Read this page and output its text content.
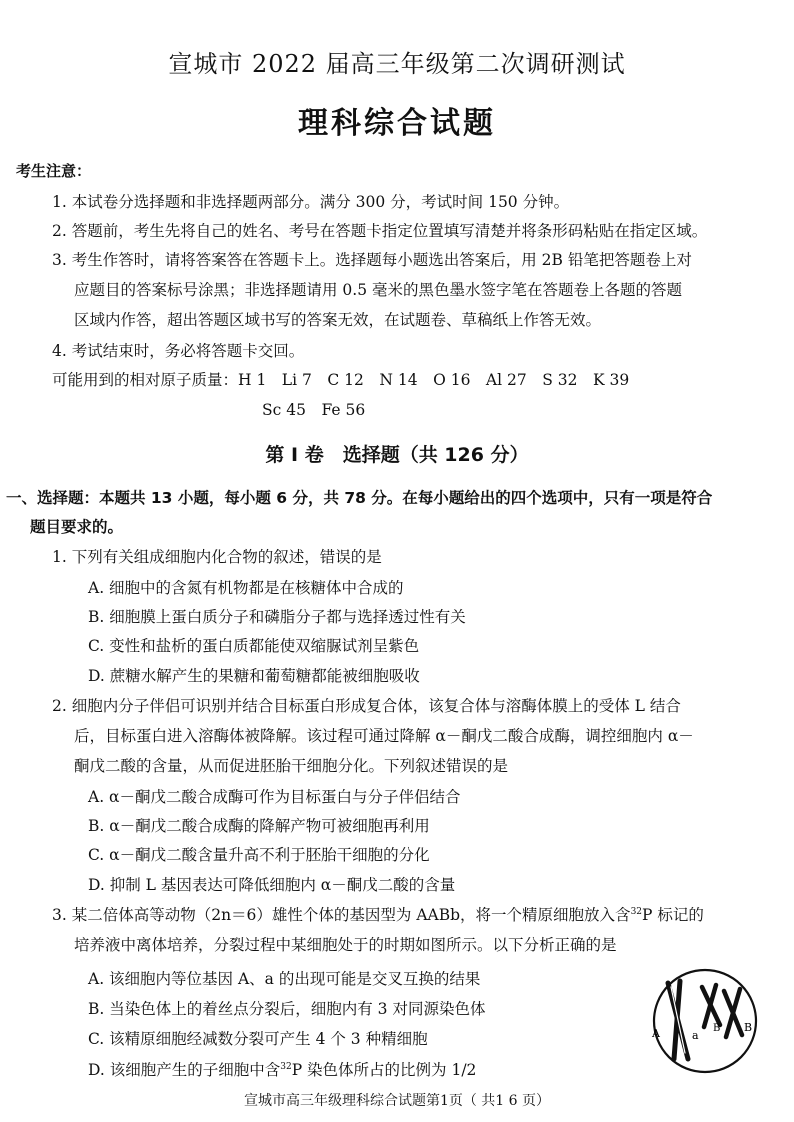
宣城市 2022 届高三年级第二次调研测试
理科综合试题
考生注意：
1. 本试卷分选择题和非选择题两部分。满分 300 分，考试时间 150 分钟。
2. 答题前，考生先将自己的姓名、考号在答题卡指定位置填写清楚并将条形码粘贴在指定区域。
3. 考生作答时，请将答案答在答题卡上。选择题每小题选出答案后，用 2B 铅笔把答题卷上对
应题目的答案标号涂黑；非选择题请用 0.5 毫米的黑色墨水签字笔在答题卷上各题的答题
区域内作答，超出答题区域书写的答案无效，在试题卷、草稿纸上作答无效。
4. 考试结束时，务必将答题卡交回。
可能用到的相对原子质量：H 1　Li 7　C 12　N 14　O 16　Al 27　S 32　K 39
Sc 45　Fe 56
第 Ⅰ 卷　选择题（共 126 分）
一、选择题：本题共 13 小题，每小题 6 分，共 78 分。在每小题给出的四个选项中，只有一项是符合
题目要求的。
1. 下列有关组成细胞内化合物的叙述，错误的是
A. 细胞中的含氮有机物都是在核糖体中合成的
B. 细胞膜上蛋白质分子和磷脂分子都与选择透过性有关
C. 变性和盐析的蛋白质都能使双缩脲试剂呈紫色
D. 蔗糖水解产生的果糖和葡萄糖都能被细胞吸收
2. 细胞内分子伴侣可识别并结合目标蛋白形成复合体，该复合体与溶酶体膜上的受体 L 结合
后，目标蛋白进入溶酶体被降解。该过程可通过降解 α－酮戊二酸合成酶，调控细胞内 α－
酮戊二酸的含量，从而促进胚胎干细胞分化。下列叙述错误的是
A. α－酮戊二酸合成酶可作为目标蛋白与分子伴侣结合
B. α－酮戊二酸合成酶的降解产物可被细胞再利用
C. α－酮戊二酸含量升高不利于胚胎干细胞的分化
D. 抑制 L 基因表达可降低细胞内 α－酮戊二酸的含量
3. 某二倍体高等动物（2n＝6）雄性个体的基因型为 AABb，将一个精原细胞放入含$^{32}$P 标记的
培养液中离体培养，分裂过程中某细胞处于的时期如图所示。以下分析正确的是
A. 该细胞内等位基因 A、a 的出现可能是交叉互换的结果
B. 当染色体上的着丝点分裂后，细胞内有 3 对同源染色体
C. 该精原细胞经减数分裂可产生 4 个 3 种精细胞
D. 该细胞产生的子细胞中含$^{32}$P 染色体所占的比例为 1/2
A	a
B B
宣城市高三年级理科综合试题第1页（ 共1 6 页）
